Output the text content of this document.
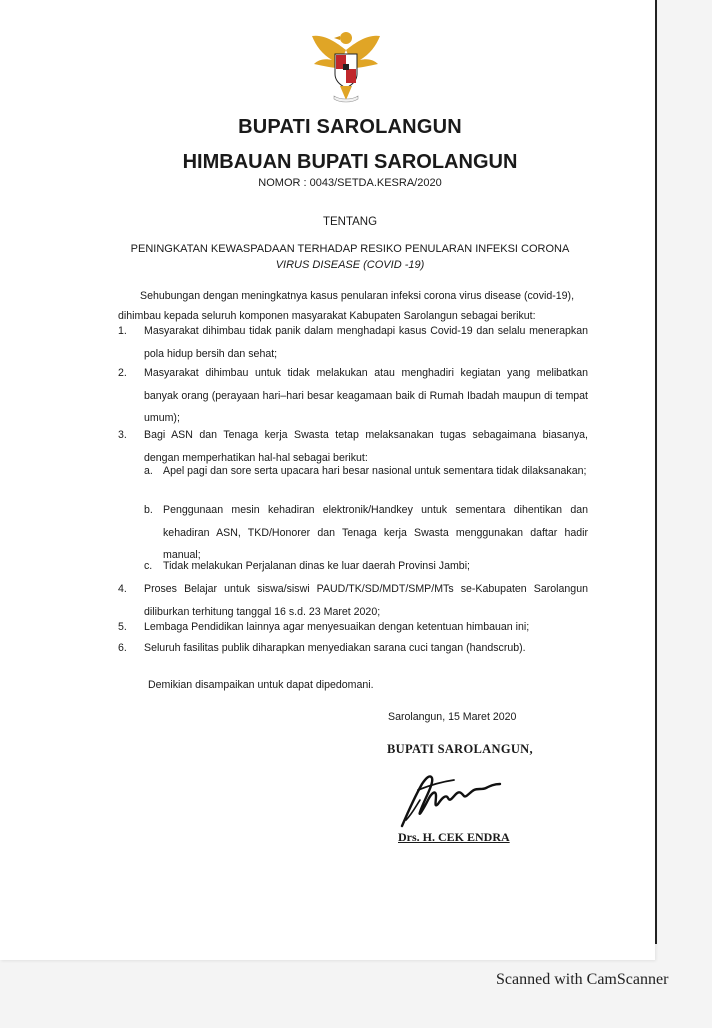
BUPATI SAROLANGUN
HIMBAUAN BUPATI SAROLANGUN
NOMOR : 0043/SETDA.KESRA/2020
TENTANG
PENINGKATAN KEWASPADAAN TERHADAP RESIKO PENULARAN INFEKSI CORONA
VIRUS DISEASE (COVID -19)
Sehubungan dengan meningkatnya kasus penularan infeksi corona virus disease (covid-19),
dihimbau kepada seluruh komponen masyarakat Kabupaten Sarolangun sebagai berikut:
1.	Masyarakat dihimbau tidak panik dalam menghadapi kasus Covid-19 dan selalu menerapkan pola hidup bersih dan sehat;
2.	Masyarakat dihimbau untuk tidak melakukan atau menghadiri kegiatan yang melibatkan banyak orang (perayaan hari–hari besar keagamaan baik di Rumah Ibadah maupun di tempat umum);
3.	Bagi ASN dan Tenaga kerja Swasta tetap melaksanakan tugas sebagaimana biasanya, dengan memperhatikan hal-hal sebagai berikut:
a. Apel pagi dan sore serta upacara hari besar nasional untuk sementara tidak dilaksanakan;
b. Penggunaan mesin kehadiran elektronik/Handkey untuk sementara dihentikan dan kehadiran ASN, TKD/Honorer dan Tenaga kerja Swasta menggunakan daftar hadir manual;
c.	Tidak melakukan Perjalanan dinas ke luar daerah Provinsi Jambi;
4.	Proses Belajar untuk siswa/siswi PAUD/TK/SD/MDT/SMP/MTs se-Kabupaten Sarolangun diliburkan terhitung tanggal 16 s.d. 23 Maret 2020;
5.	Lembaga Pendidikan lainnya agar menyesuaikan dengan ketentuan himbauan ini;
6.	Seluruh fasilitas publik diharapkan menyediakan sarana cuci tangan (handscrub).
Demikian disampaikan untuk dapat dipedomani.
Sarolangun, 15 Maret 2020
BUPATI SAROLANGUN,
Drs. H. CEK ENDRA
Scanned with CamScanner
